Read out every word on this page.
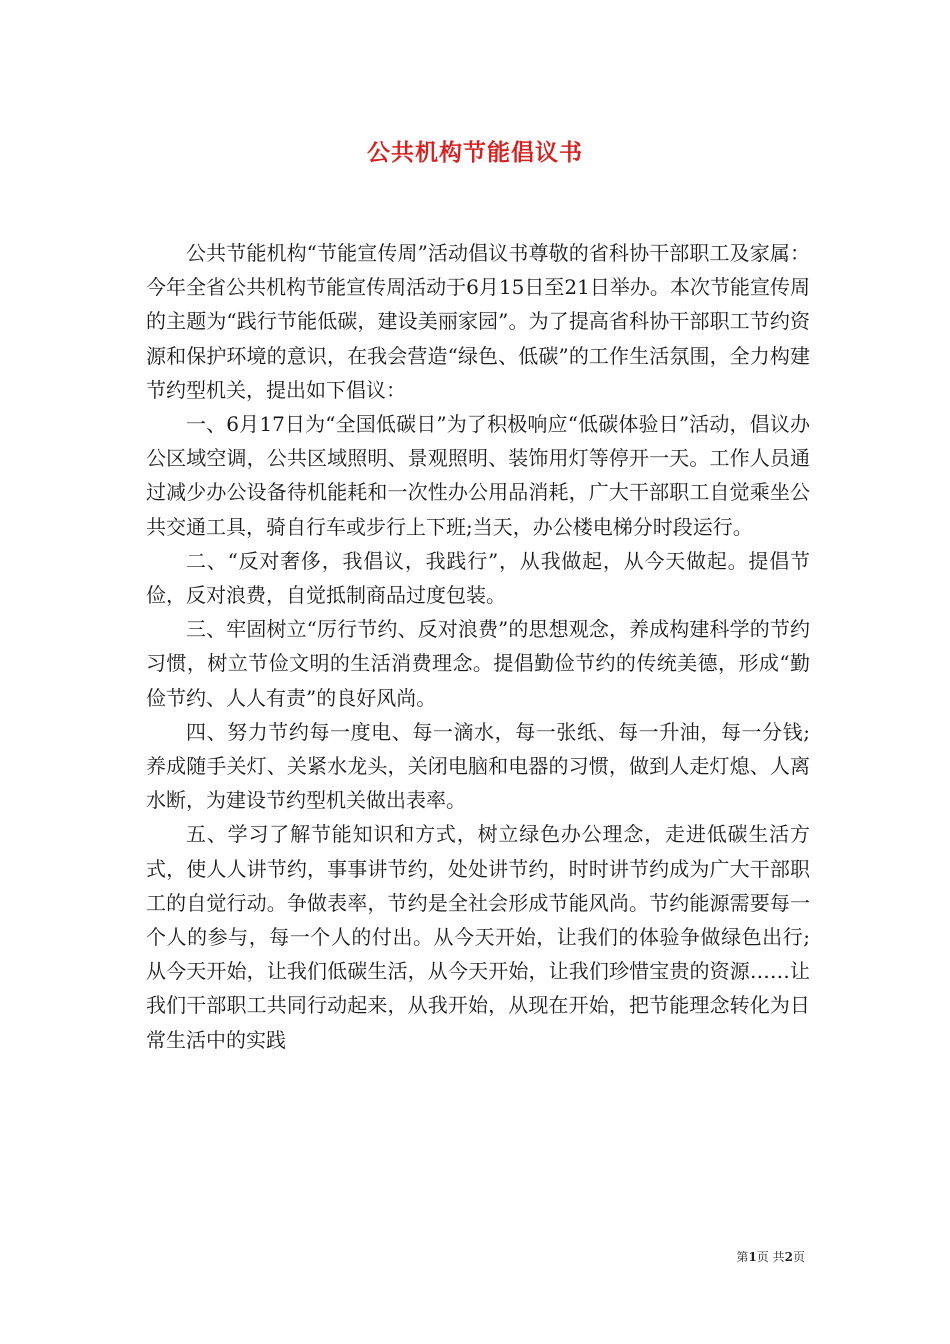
公共机构节能倡议书

公共节能机构“节能宣传周”活动倡议书尊敬的省科协干部职工及家属：今年全省公共机构节能宣传周活动于6月15日至21日举办。本次节能宣传周的主题为“践行节能低碳，建设美丽家园”。为了提高省科协干部职工节约资源和保护环境的意识，在我会营造“绿色、低碳”的工作生活氛围，全力构建节约型机关，提出如下倡议：

一、6月17日为“全国低碳日”为了积极响应“低碳体验日”活动，倡议办公区域空调，公共区域照明、景观照明、装饰用灯等停开一天。工作人员通过减少办公设备待机能耗和一次性办公用品消耗，广大干部职工自觉乘坐公共交通工具，骑自行车或步行上下班;当天，办公楼电梯分时段运行。

二、“反对奢侈，我倡议，我践行”，从我做起，从今天做起。提倡节俭，反对浪费，自觉抵制商品过度包装。

三、牢固树立“厉行节约、反对浪费”的思想观念，养成构建科学的节约习惯，树立节俭文明的生活消费理念。提倡勤俭节约的传统美德，形成“勤俭节约、人人有责”的良好风尚。

四、努力节约每一度电、每一滴水，每一张纸、每一升油，每一分钱;养成随手关灯、关紧水龙头，关闭电脑和电器的习惯，做到人走灯熄、人离水断，为建设节约型机关做出表率。

五、学习了解节能知识和方式，树立绿色办公理念，走进低碳生活方式，使人人讲节约，事事讲节约，处处讲节约，时时讲节约成为广大干部职工的自觉行动。争做表率，节约是全社会形成节能风尚。节约能源需要每一个人的参与，每一个人的付出。从今天开始，让我们的体验争做绿色出行;从今天开始，让我们低碳生活，从今天开始，让我们珍惜宝贵的资源……让我们干部职工共同行动起来，从我开始，从现在开始，把节能理念转化为日常生活中的实践

第1页 共2页
